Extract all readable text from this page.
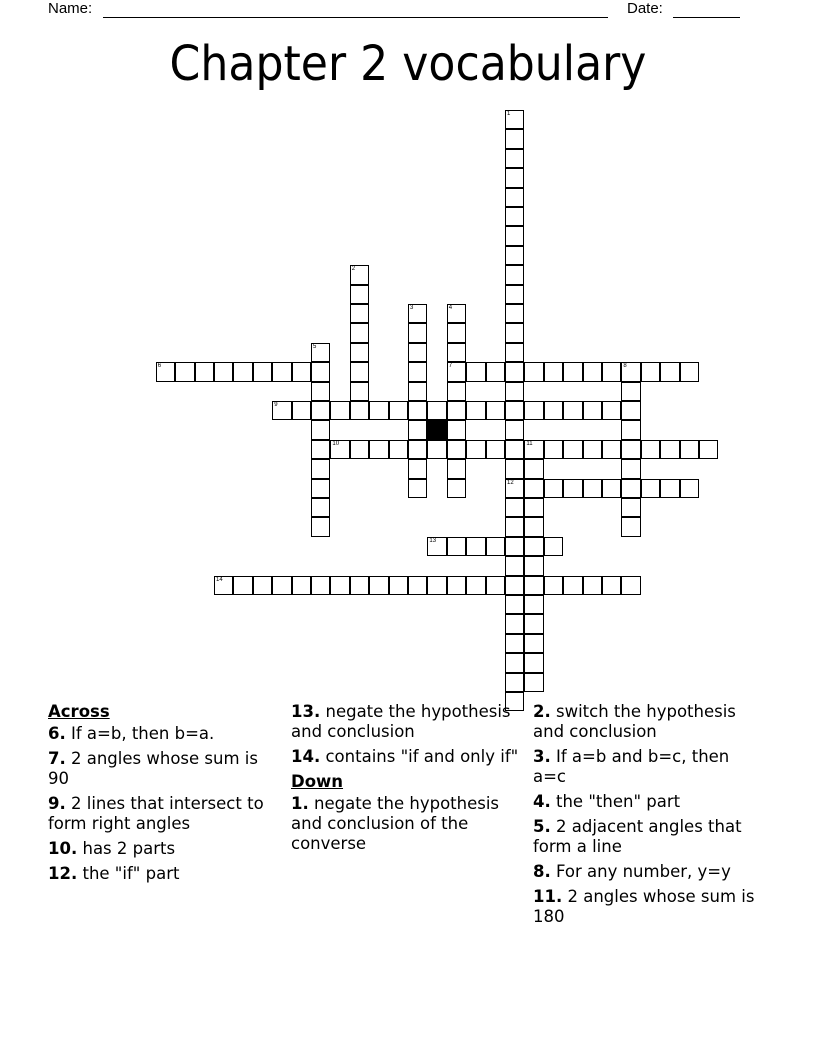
Name:	Date:
Chapter 2 vocabulary
1
12
2
3	4
7
5
6	8
9
10	11
13
14
Across
6. If a=b, then b=a.
7. 2 angles whose sum is 90
9. 2 lines that intersect to form right angles
10. has 2 parts
12. the "if" part
13. negate the hypothesis and conclusion
14. contains "if and only if"
Down
1. negate the hypothesis and conclusion of the converse
2. switch the hypothesis and conclusion
3. If a=b and b=c, then a=c
4. the "then" part
5. 2 adjacent angles that form a line
8. For any number, y=y
11. 2 angles whose sum is 180
